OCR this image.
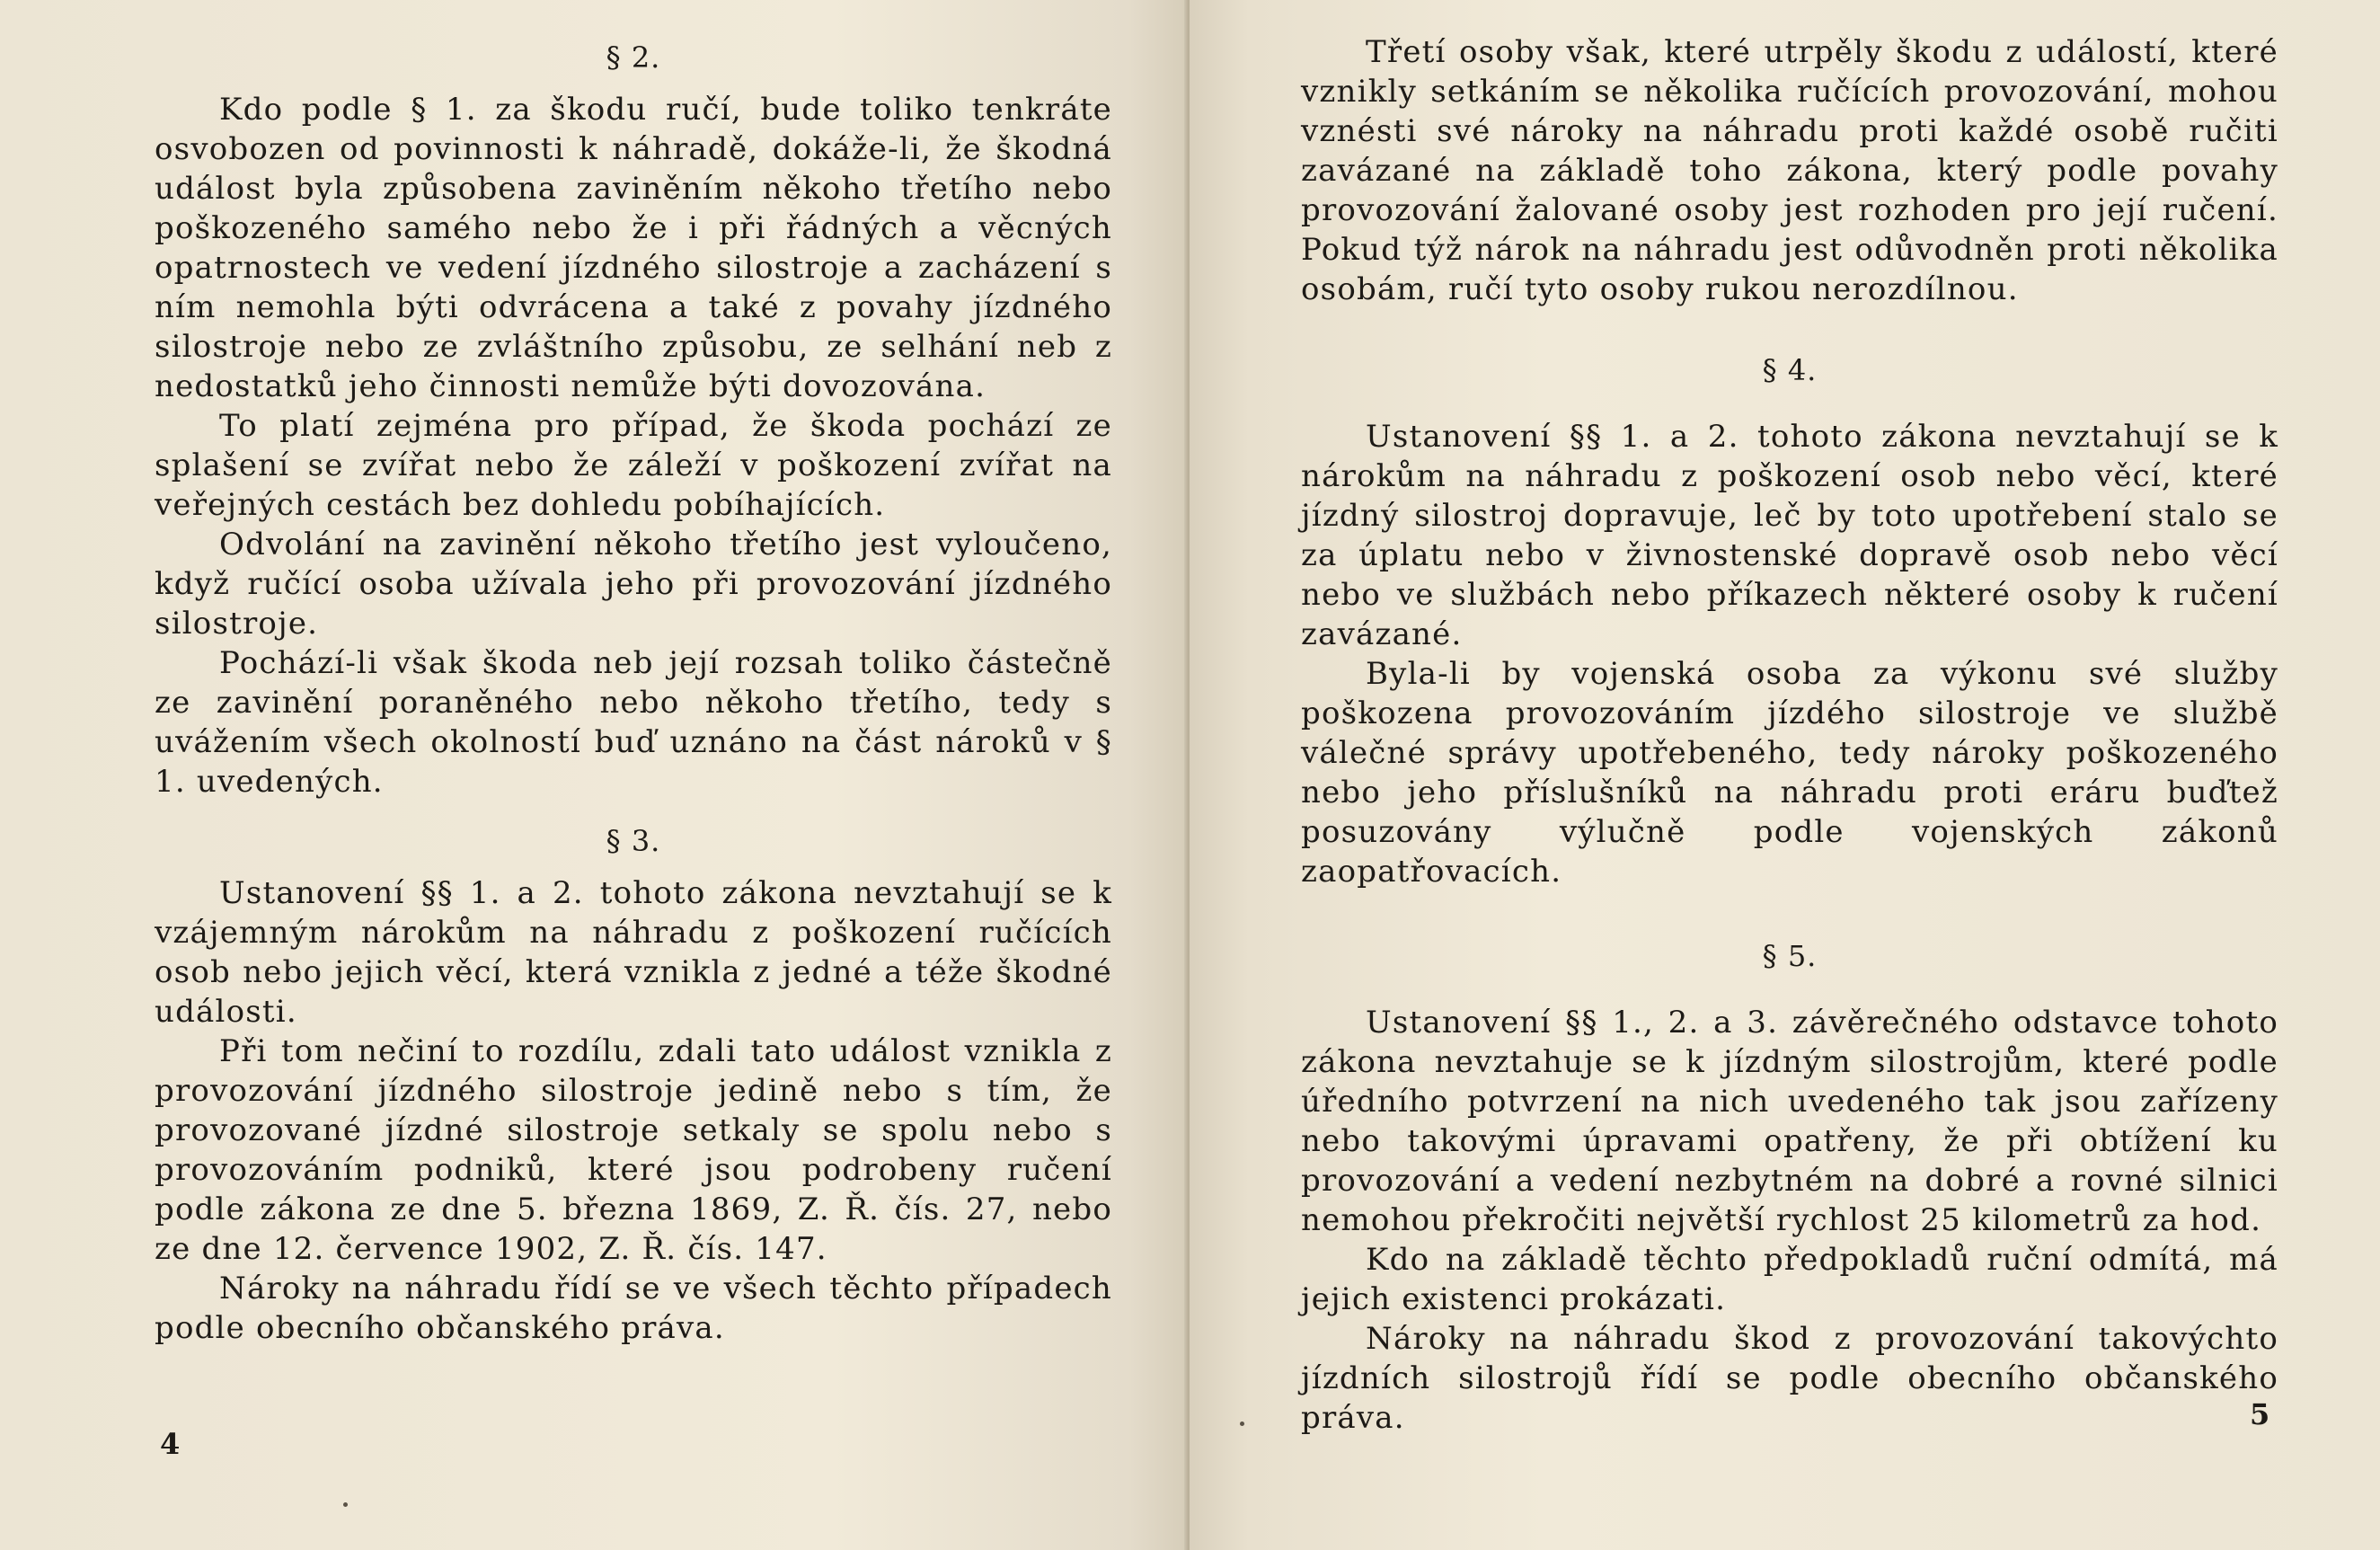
§ 2.

Kdo podle § 1. za škodu ručí, bude toliko tenkráte osvobozen od povinnosti k náhradě, dokáže-li, že škodná událost byla způsobena zaviněním někoho třetího nebo poškozeného samého nebo že i při řádných a věcných opatrnostech ve vedení jízdného silostroje a zacházení s ním nemohla býti odvrácena a také z povahy jízdného silostroje nebo ze zvláštního způsobu, ze selhání neb z nedostatků jeho činnosti nemůže býti dovozována.

To platí zejména pro případ, že škoda pochází ze splašení se zvířat nebo že záleží v poškození zvířat na veřejných cestách bez dohledu pobíhajících.

Odvolání na zavinění někoho třetího jest vyloučeno, když ručící osoba užívala jeho při provozování jízdného silostroje.

Pochází-li však škoda neb její rozsah toliko částečně ze zavinění poraněného nebo někoho třetího, tedy s uvážením všech okolností buď uznáno na část nároků v § 1. uvedených.

§ 3.

Ustanovení §§ 1. a 2. tohoto zákona nevztahují se k vzájemným nárokům na náhradu z poškození ručících osob nebo jejich věcí, která vznikla z jedné a téže škodné události.

Při tom nečiní to rozdílu, zdali tato událost vznikla z provozování jízdného silostroje jedině nebo s tím, že provozované jízdné silostroje setkaly se spolu nebo s provozováním podniků, které jsou podrobeny ručení podle zákona ze dne 5. března 1869, Z. Ř. čís. 27, nebo ze dne 12. července 1902, Z. Ř. čís. 147.

Nároky na náhradu řídí se ve všech těchto případech podle obecního občanského práva.

4

Třetí osoby však, které utrpěly škodu z událostí, které vznikly setkáním se několika ručících provozování, mohou vznésti své nároky na náhradu proti každé osobě ručiti zavázané na základě toho zákona, který podle povahy provozování žalované osoby jest rozhoden pro její ručení. Pokud týž nárok na náhradu jest odůvodněn proti několika osobám, ručí tyto osoby rukou nerozdílnou.

§ 4.

Ustanovení §§ 1. a 2. tohoto zákona nevztahují se k nárokům na náhradu z poškození osob nebo věcí, které jízdný silostroj dopravuje, leč by toto upotřebení stalo se za úplatu nebo v živnostenské dopravě osob nebo věcí nebo ve službách nebo příkazech některé osoby k ručení zavázané.

Byla-li by vojenská osoba za výkonu své služby poškozena provozováním jízdého silostroje ve službě válečné správy upotřebeného, tedy nároky poškozeného nebo jeho příslušníků na náhradu proti eráru buďtež posuzovány výlučně podle vojenských zákonů zaopatřovacích.

§ 5.

Ustanovení §§ 1., 2. a 3. závěrečného odstavce tohoto zákona nevztahuje se k jízdným silostrojům, které podle úředního potvrzení na nich uvedeného tak jsou zařízeny nebo takovými úpravami opatřeny, že při obtížení ku provozování a vedení nezbytném na dobré a rovné silnici nemohou překročiti největší rychlost 25 kilometrů za hod.

Kdo na základě těchto předpokladů ruční odmítá, má jejich existenci prokázati.

Nároky na náhradu škod z provozování takovýchto jízdních silostrojů řídí se podle obecního občanského práva.	5
